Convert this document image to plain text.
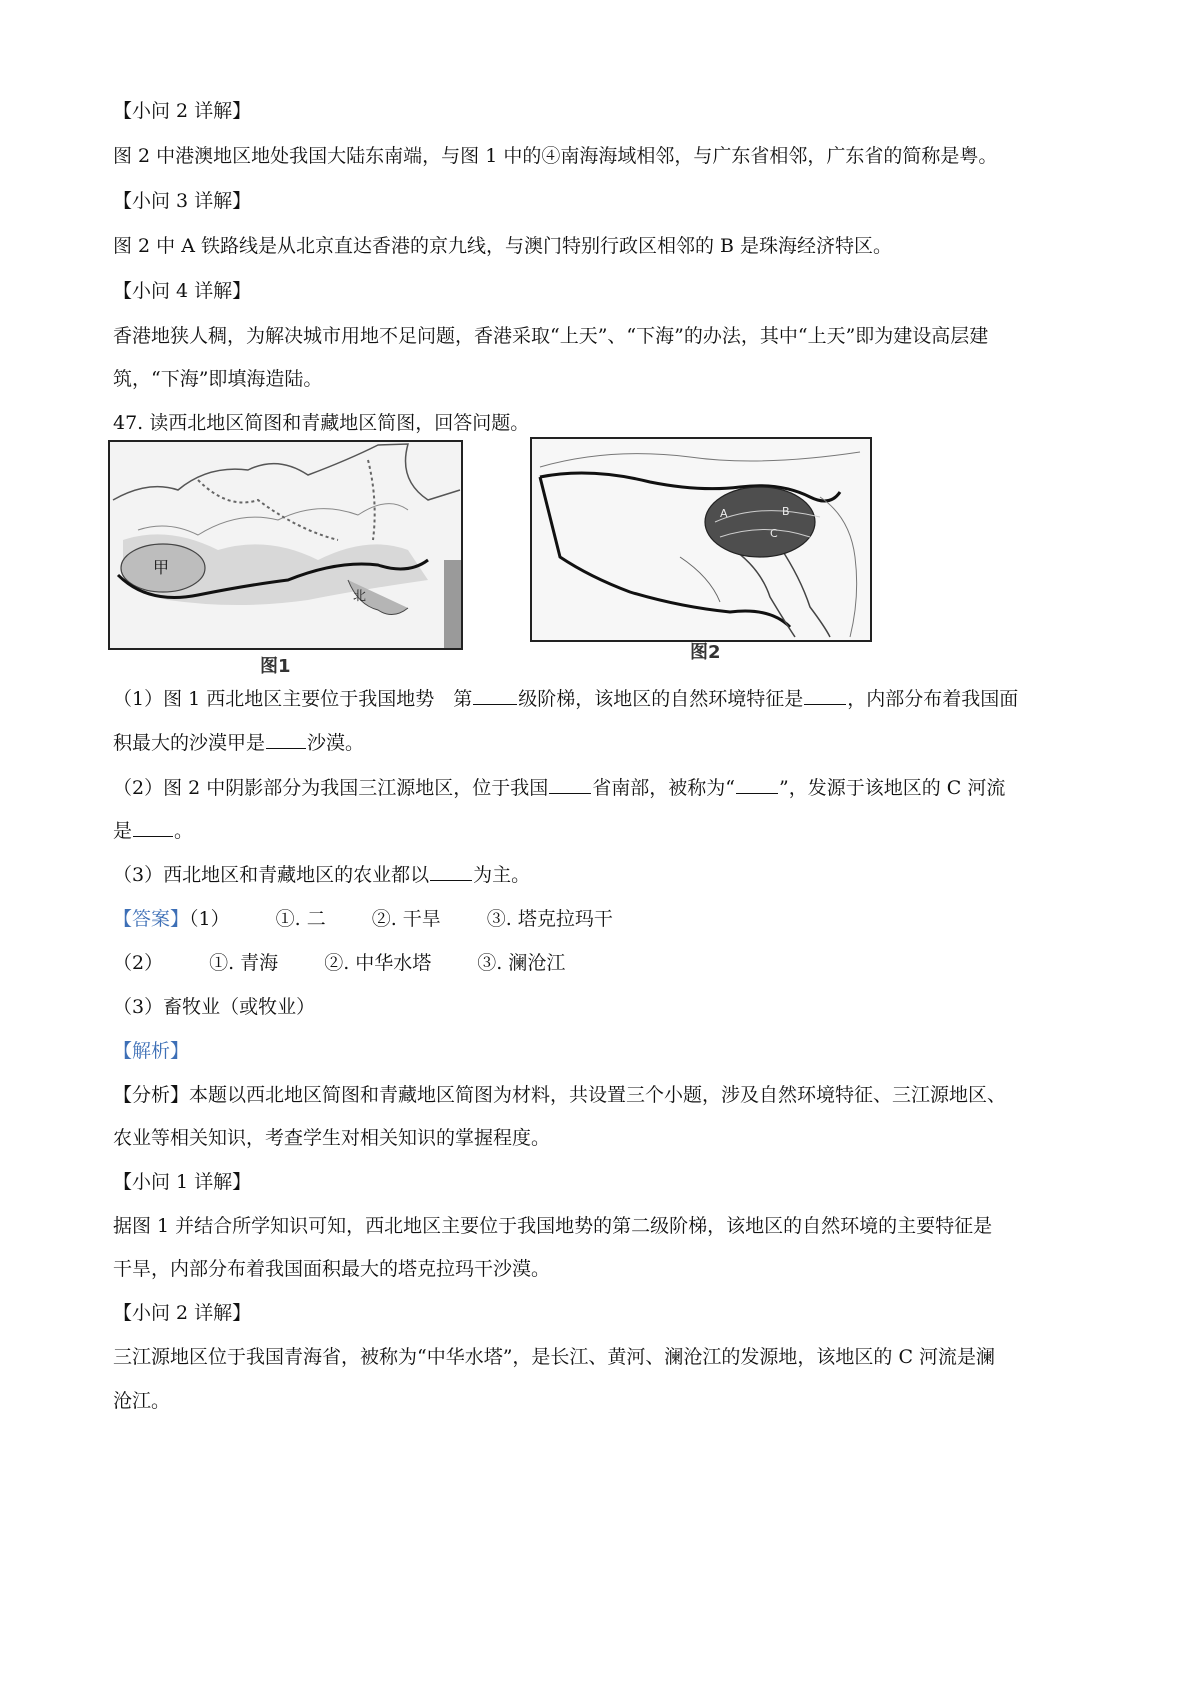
【小问 2 详解】
图 2 中港澳地区地处我国大陆东南端，与图 1 中的④南海海域相邻，与广东省相邻，广东省的简称是粤。
【小问 3 详解】
图 2 中 A 铁路线是从北京直达香港的京九线，与澳门特别行政区相邻的 B 是珠海经济特区。
【小问 4 详解】
香港地狭人稠，为解决城市用地不足问题，香港采取“上天”、“下海”的办法，其中“上天”即为建设高层建
筑，“下海”即填海造陆。
47. 读西北地区简图和青藏地区简图，回答问题。
北
甲
图1
A	B
C
图2
（1）图 1 西北地区主要位于我国地势　第 级阶梯，该地区的自然环境特征是 ，内部分布着我国面
积最大的沙漠甲是 沙漠。
（2）图 2 中阴影部分为我国三江源地区，位于我国 省南部，被称为“ ”，发源于该地区的 C 河流
是 。
（3）西北地区和青藏地区的农业都以 为主。
【答案】（1） ①. 二 ②. 干旱 ③. 塔克拉玛干
（2） ①. 青海 ②. 中华水塔 ③. 澜沧江
（3）畜牧业（或牧业）
【解析】
【分析】本题以西北地区简图和青藏地区简图为材料，共设置三个小题，涉及自然环境特征、三江源地区、
农业等相关知识，考查学生对相关知识的掌握程度。
【小问 1 详解】
据图 1 并结合所学知识可知，西北地区主要位于我国地势的第二级阶梯，该地区的自然环境的主要特征是
干旱，内部分布着我国面积最大的塔克拉玛干沙漠。
【小问 2 详解】
三江源地区位于我国青海省，被称为“中华水塔”，是长江、黄河、澜沧江的发源地，该地区的 C 河流是澜
沧江。
